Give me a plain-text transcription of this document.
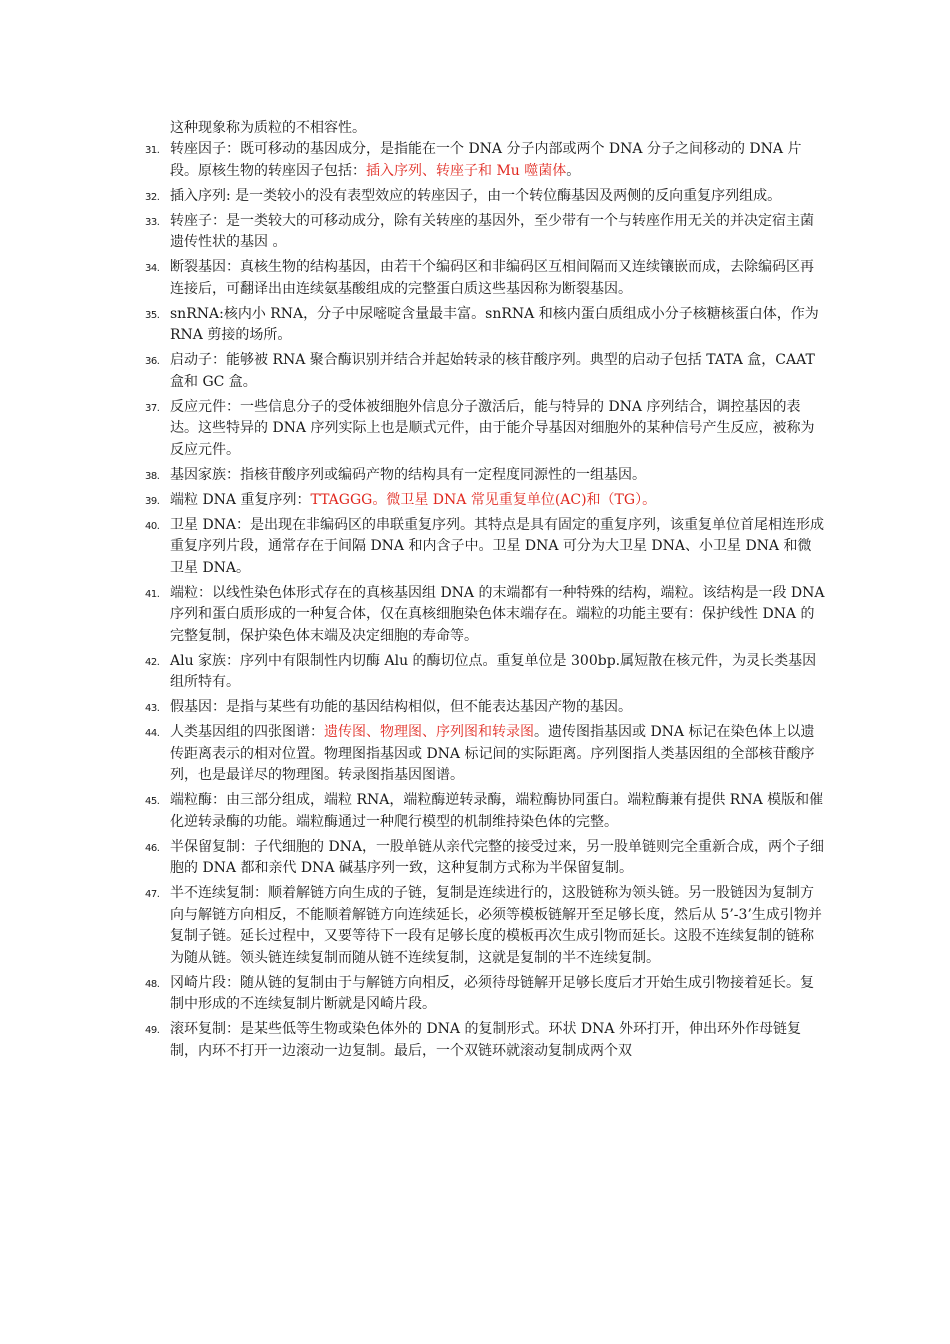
这种现象称为质粒的不相容性。

31. 转座因子：既可移动的基因成分，是指能在一个 DNA 分子内部或两个 DNA 分子之间移动的 DNA 片段。原核生物的转座因子包括：插入序列、转座子和 Mu 噬菌体。
32. 插入序列: 是一类较小的没有表型效应的转座因子，由一个转位酶基因及两侧的反向重复序列组成。
33. 转座子：是一类较大的可移动成分，除有关转座的基因外，至少带有一个与转座作用无关的并决定宿主菌遗传性状的基因 。
34. 断裂基因：真核生物的结构基因，由若干个编码区和非编码区互相间隔而又连续镶嵌而成，去除编码区再连接后，可翻译出由连续氨基酸组成的完整蛋白质这些基因称为断裂基因。
35. snRNA:核内小 RNA，分子中尿嘧啶含量最丰富。snRNA 和核内蛋白质组成小分子核糖核蛋白体，作为 RNA 剪接的场所。
36. 启动子：能够被 RNA 聚合酶识别并结合并起始转录的核苷酸序列。典型的启动子包括 TATA 盒，CAAT 盒和 GC 盒。
37. 反应元件：一些信息分子的受体被细胞外信息分子激活后，能与特异的 DNA 序列结合，调控基因的表达。这些特异的 DNA 序列实际上也是顺式元件，由于能介导基因对细胞外的某种信号产生反应，被称为反应元件。
38. 基因家族：指核苷酸序列或编码产物的结构具有一定程度同源性的一组基因。
39. 端粒 DNA 重复序列：TTAGGG。微卫星 DNA 常见重复单位(AC)和（TG）。
40. 卫星 DNA：是出现在非编码区的串联重复序列。其特点是具有固定的重复序列，该重复单位首尾相连形成重复序列片段，通常存在于间隔 DNA 和内含子中。卫星 DNA 可分为大卫星 DNA、小卫星 DNA 和微卫星 DNA。
41. 端粒：以线性染色体形式存在的真核基因组 DNA 的末端都有一种特殊的结构，端粒。该结构是一段 DNA 序列和蛋白质形成的一种复合体，仅在真核细胞染色体末端存在。端粒的功能主要有：保护线性 DNA 的完整复制，保护染色体末端及决定细胞的寿命等。
42. Alu 家族：序列中有限制性内切酶 Alu 的酶切位点。重复单位是 300bp.属短散在核元件，为灵长类基因组所特有。
43. 假基因：是指与某些有功能的基因结构相似，但不能表达基因产物的基因。
44. 人类基因组的四张图谱：遗传图、物理图、序列图和转录图。遗传图指基因或 DNA 标记在染色体上以遗传距离表示的相对位置。物理图指基因或 DNA 标记间的实际距离。序列图指人类基因组的全部核苷酸序列，也是最详尽的物理图。转录图指基因图谱。
45. 端粒酶：由三部分组成，端粒 RNA，端粒酶逆转录酶，端粒酶协同蛋白。端粒酶兼有提供 RNA 模版和催化逆转录酶的功能。端粒酶通过一种爬行模型的机制维持染色体的完整。
46. 半保留复制：子代细胞的 DNA，一股单链从亲代完整的接受过来，另一股单链则完全重新合成，两个子细胞的 DNA 都和亲代 DNA 碱基序列一致，这种复制方式称为半保留复制。
47. 半不连续复制：顺着解链方向生成的子链，复制是连续进行的，这股链称为领头链。另一股链因为复制方向与解链方向相反，不能顺着解链方向连续延长，必须等模板链解开至足够长度，然后从 5’-3’生成引物并复制子链。延长过程中，又要等待下一段有足够长度的模板再次生成引物而延长。这股不连续复制的链称为随从链。领头链连续复制而随从链不连续复制，这就是复制的半不连续复制。
48. 冈崎片段：随从链的复制由于与解链方向相反，必须待母链解开足够长度后才开始生成引物接着延长。复制中形成的不连续复制片断就是冈崎片段。
49. 滚环复制：是某些低等生物或染色体外的 DNA 的复制形式。环状 DNA 外环打开，伸出环外作母链复制，内环不打开一边滚动一边复制。最后，一个双链环就滚动复制成两个双
